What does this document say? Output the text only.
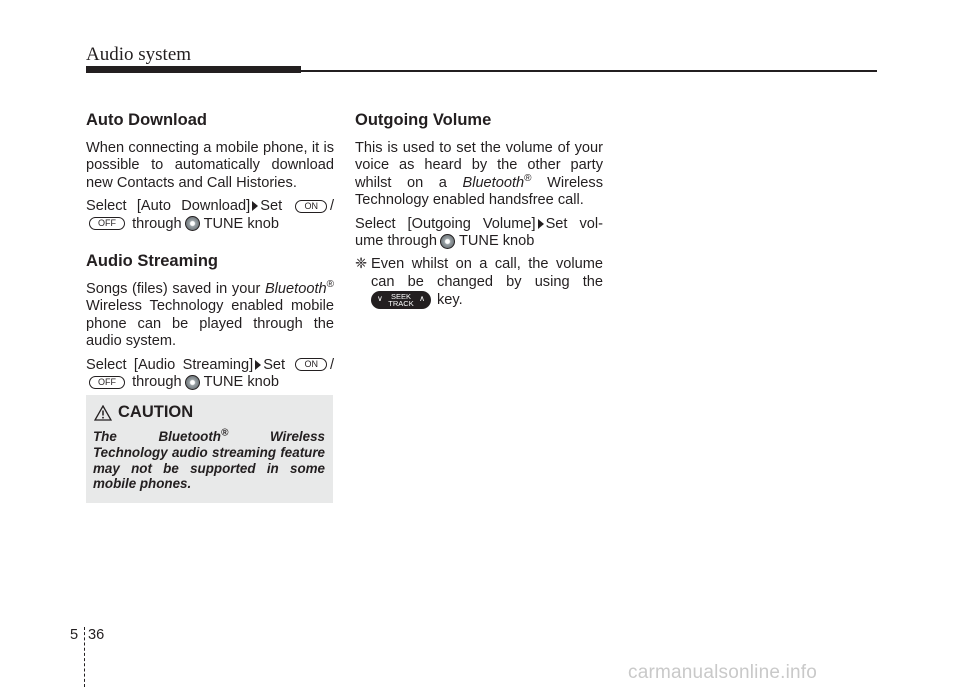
Audio system
Auto Download

When connecting a mobile phone, it is possible to automatically download new Contacts and Call Histories.

Select [Auto Download] Set ON / OFF through TUNE knob

Audio Streaming

Songs (files) saved in your Bluetooth® Wireless Technology enabled mobile phone can be played through the audio system.

Select [Audio Streaming] Set ON / OFF through TUNE knob

CAUTION
The Bluetooth®	Wireless Technology audio streaming feature may not be supported in some mobile phones.
Outgoing Volume

This is used to set the volume of your voice as heard by the other party whilst on a Bluetooth® Wireless Technology enabled handsfree call.

Select [Outgoing Volume] Set vol-ume through TUNE knob

❈ Even whilst on a call, the volume can be changed by using the
∨	SEEK
TRACK
∧ key.
5 36
carmanualsonline.info
